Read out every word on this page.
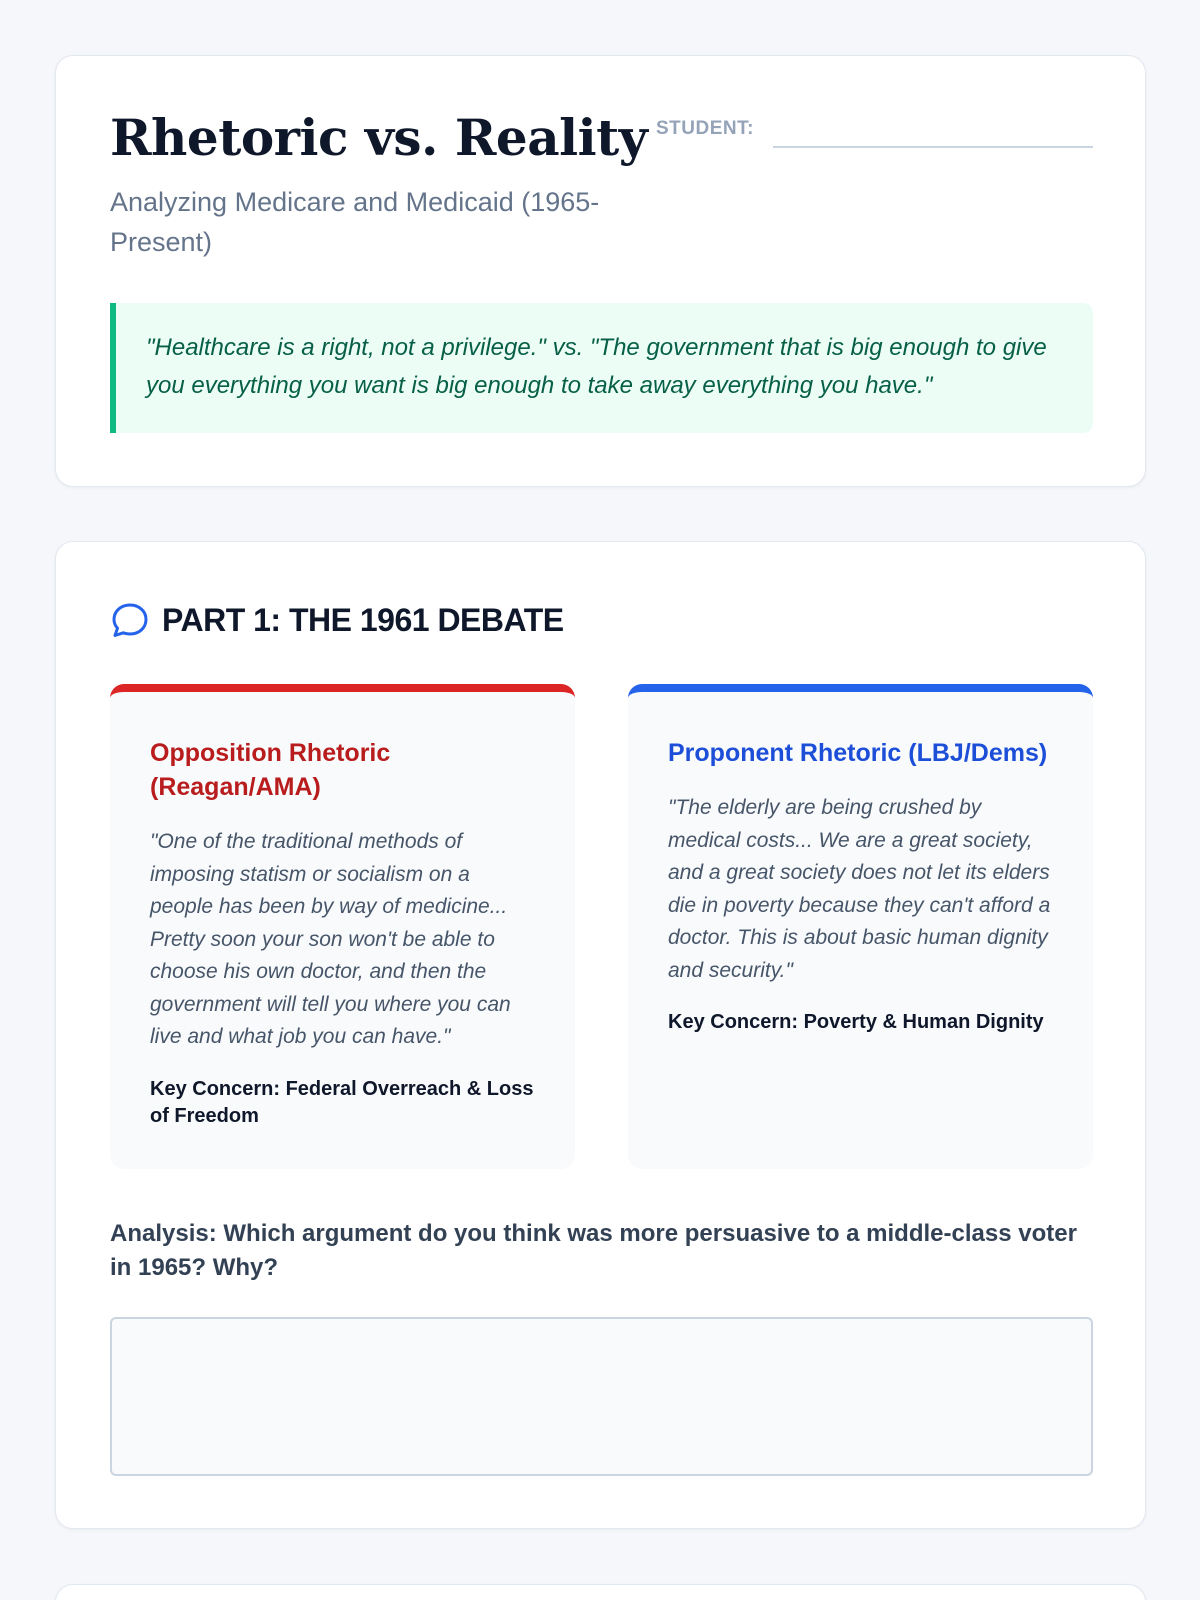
Rhetoric vs. Reality
Analyzing Medicare and Medicaid (1965-Present)
STUDENT:

"Healthcare is a right, not a privilege." vs. "The government that is big enough to give you everything you want is big enough to take away everything you have."

PART 1: THE 1961 DEBATE
Opposition Rhetoric (Reagan/AMA)

"One of the traditional methods of imposing statism or socialism on a people has been by way of medicine... Pretty soon your son won't be able to choose his own doctor, and then the government will tell you where you can live and what job you can have."

Key Concern: Federal Overreach & Loss of Freedom

Proponent Rhetoric (LBJ/Dems)

"The elderly are being crushed by medical costs... We are a great society, and a great society does not let its elders die in poverty because they can't afford a doctor. This is about basic human dignity and security."

Key Concern: Poverty & Human Dignity

Analysis: Which argument do you think was more persuasive to a middle-class voter in 1965? Why?
